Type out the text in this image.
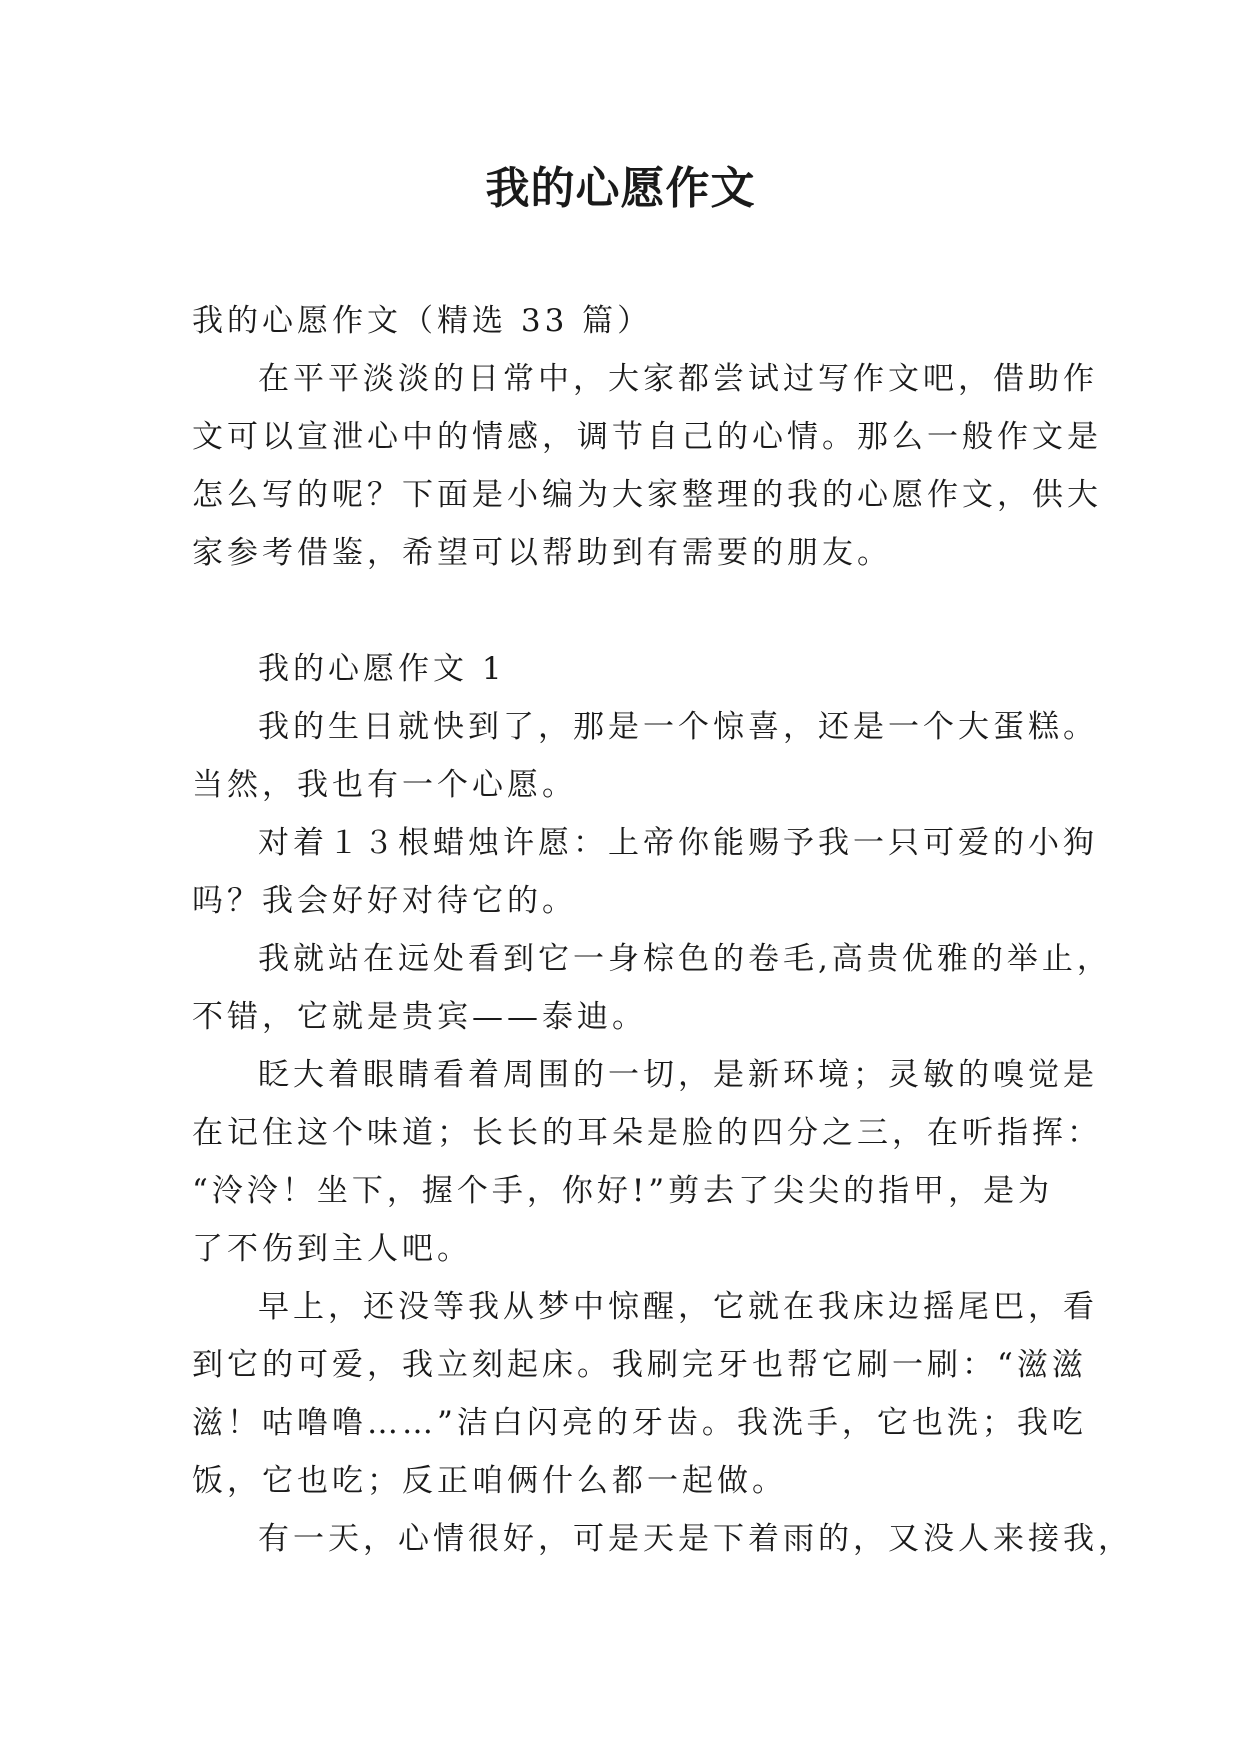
我的心愿作文
我的心愿作文（精选 33 篇）
在平平淡淡的日常中，大家都尝试过写作文吧，借助作
文可以宣泄心中的情感，调节自己的心情。那么一般作文是
怎么写的呢？下面是小编为大家整理的我的心愿作文，供大
家参考借鉴，希望可以帮助到有需要的朋友。
我的心愿作文 1
我的生日就快到了，那是一个惊喜，还是一个大蛋糕。
当然，我也有一个心愿。
对着１３根蜡烛许愿：上帝你能赐予我一只可爱的小狗
吗？我会好好对待它的。
我就站在远处看到它一身棕色的卷毛,高贵优雅的举止，
不错，它就是贵宾——泰迪。
眨大着眼睛看着周围的一切，是新环境；灵敏的嗅觉是
在记住这个味道；长长的耳朵是脸的四分之三，在听指挥：
“泠泠！坐下，握个手，你好!”剪去了尖尖的指甲，是为
了不伤到主人吧。
早上，还没等我从梦中惊醒，它就在我床边摇尾巴，看
到它的可爱，我立刻起床。我刷完牙也帮它刷一刷：“滋滋
滋！咕噜噜……”洁白闪亮的牙齿。我洗手，它也洗；我吃
饭，它也吃；反正咱俩什么都一起做。
有一天，心情很好，可是天是下着雨的，又没人来接我，
